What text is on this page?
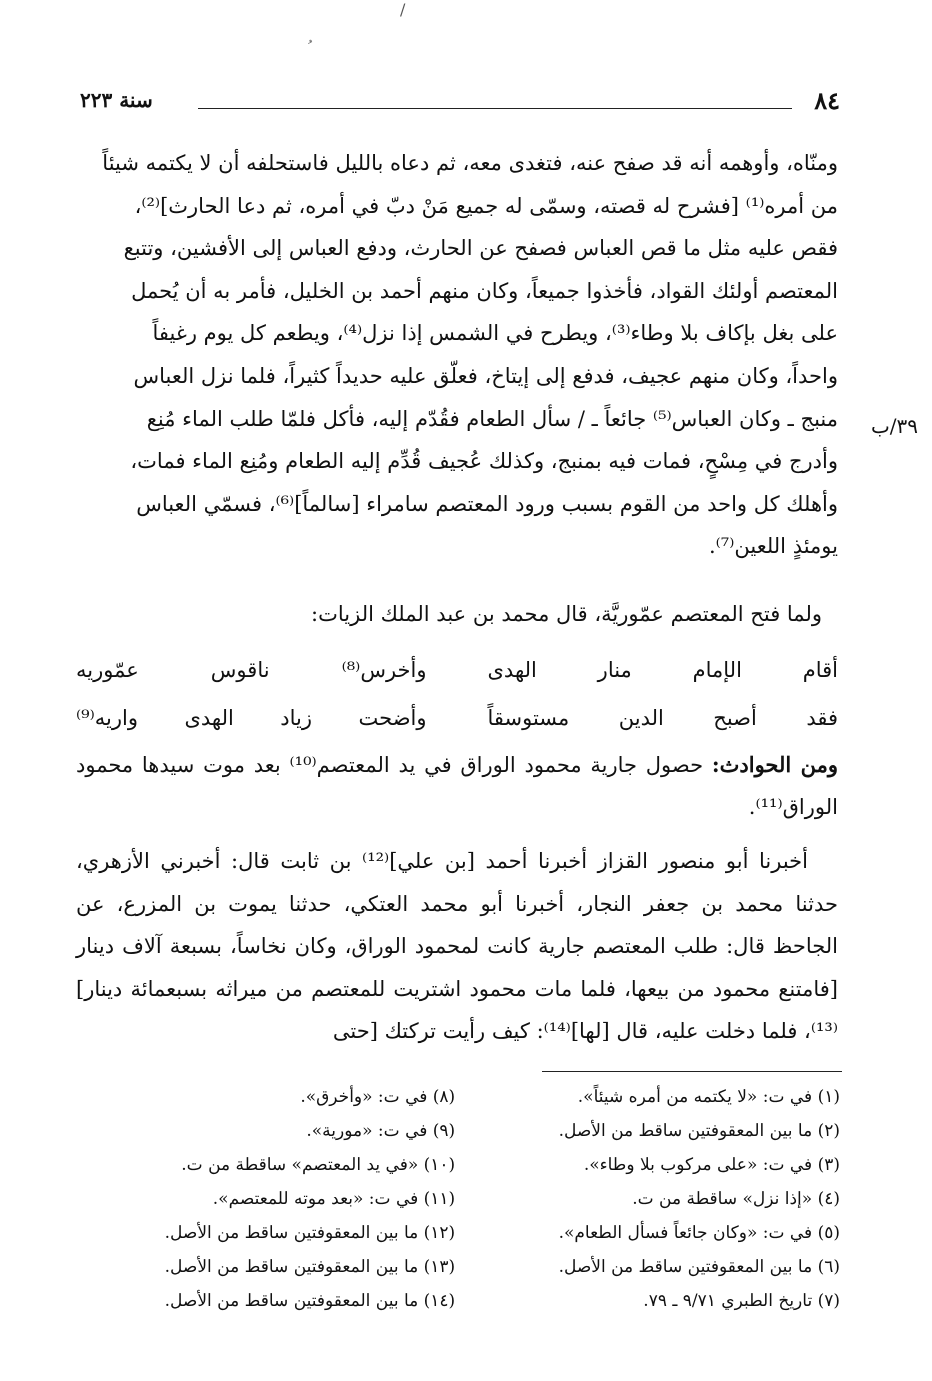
/
ﹸ
٨٤
سنة ٢٢٣

ومنّاه، وأوهمه أنه قد صفح عنه، فتغدى معه، ثم دعاه بالليل فاستحلفه أن لا يكتمه شيئاً

من أمره⁽¹⁾ [فشرح له قصته، وسمّى له جميع مَنْ دبّ في أمره، ثم دعا الحارث]⁽²⁾،

فقص عليه مثل ما قص العباس فصفح عن الحارث، ودفع العباس إلى الأفشين، وتتبع

المعتصم أولئك القواد، فأخذوا جميعاً، وكان منهم أحمد بن الخليل، فأمر به أن يُحمل

على بغل بإكاف بلا وطاء⁽³⁾، ويطرح في الشمس إذا نزل⁽⁴⁾، ويطعم كل يوم رغيفاً

واحداً، وكان منهم عجيف، فدفع إلى إيتاخ، فعلّق عليه حديداً كثيراً، فلما نزل العباس

منبج ـ وكان العباس⁽⁵⁾ جائعاً ـ / سأل الطعام فقُدّم إليه، فأكل فلمّا طلب الماء مُنِع

وأدرج في مِسْحٍ، فمات فيه بمنبج، وكذلك عُجيف قُدِّم إليه الطعام ومُنِع الماء فمات،

وأهلك كل واحد من القوم بسبب ورود المعتصم سامراء [سالماً]⁽⁶⁾، فسمّي العباس

يومئذٍ اللعين⁽⁷⁾.

٣٩/ب
ولما فتح المعتصم عمّوريَّة، قال محمد بن عبد الملك الزيات:
أقام الإمام منار الهدى
وأخرس⁽⁸⁾ ناقوس عمّوريه
فقد أصبح الدين مستوسقاً
وأضحت زياد الهدى واريه⁽⁹⁾
ومن الحوادث: حصول جارية محمود الوراق في يد المعتصم⁽¹⁰⁾ بعد موت سيدها محمود الوراق⁽¹¹⁾.

أخبرنا أبو منصور القزاز أخبرنا أحمد [بن علي]⁽¹²⁾ بن ثابت قال: أخبرني الأزهري، حدثنا محمد بن جعفر النجار، أخبرنا أبو محمد العتكي، حدثنا يموت بن المزرع، عن الجاحظ قال: طلب المعتصم جارية كانت لمحمود الوراق، وكان نخاساً، بسبعة آلاف دينار [فامتنع محمود من بيعها، فلما مات محمود اشتريت للمعتصم من ميراثه بسبعمائة دينار]⁽¹³⁾، فلما دخلت عليه، قال [لها]⁽¹⁴⁾: كيف رأيت تركتك [حتى

(١) في ت: «لا يكتمه من أمره شيئاً».
(٢) ما بين المعقوفتين ساقط من الأصل.
(٣) في ت: «على مركوب بلا وطاء».
(٤) «إذا نزل» ساقطة من ت.
(٥) في ت: «وكان جائعاً فسأل الطعام».
(٦) ما بين المعقوفتين ساقط من الأصل.
(٧) تاريخ الطبري ٩/٧١ ـ ٧٩.
(٨) في ت: «وأخرق».
(٩) في ت: «مورية».
(١٠) «في يد المعتصم» ساقطة من ت.
(١١) في ت: «بعد موته للمعتصم».
(١٢) ما بين المعقوفتين ساقط من الأصل.
(١٣) ما بين المعقوفتين ساقط من الأصل.
(١٤) ما بين المعقوفتين ساقط من الأصل.
